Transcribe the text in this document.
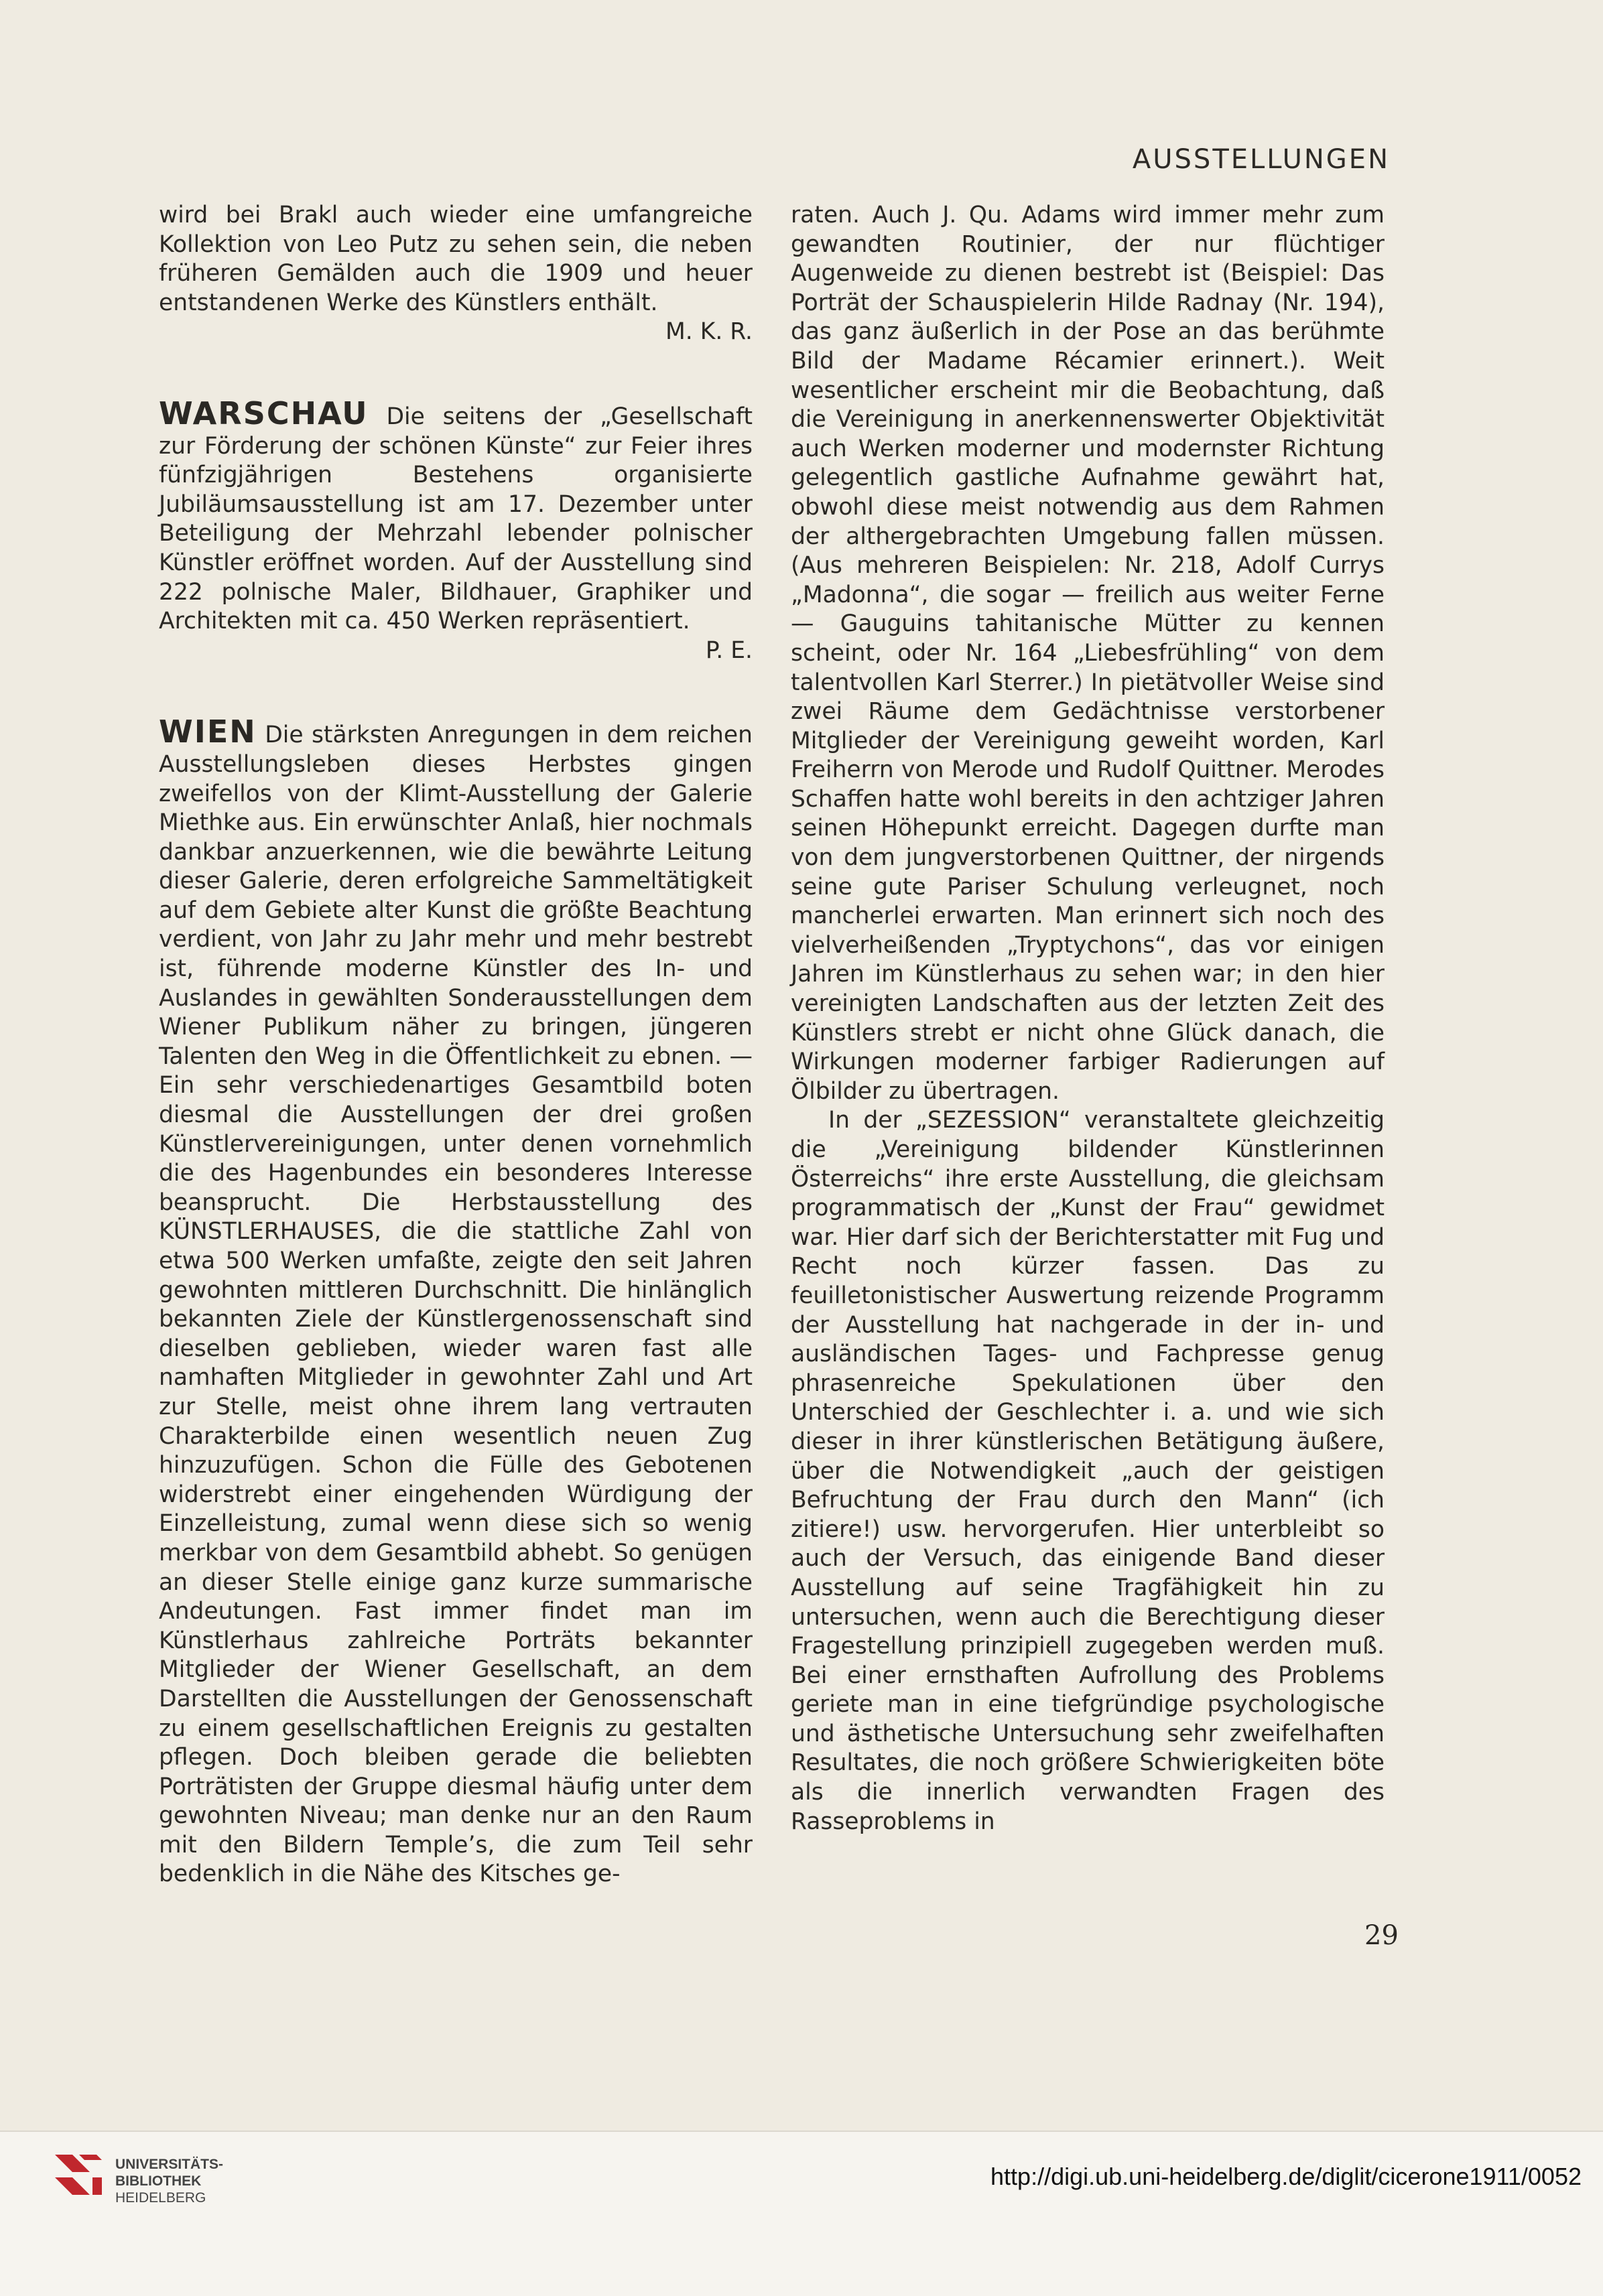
AUSSTELLUNGEN

wird bei Brakl auch wieder eine umfangreiche Kollektion von Leo Putz zu sehen sein, die neben früheren Gemälden auch die 1909 und heuer entstandenen Werke des Künstlers enthält.

M. K. R.

WARSCHAU Die seitens der „Gesellschaft zur Förderung der schönen Künste“ zur Feier ihres fünfzigjährigen Bestehens organisierte Jubiläumsausstellung ist am 17. Dezember unter Beteiligung der Mehrzahl lebender polnischer Künstler eröffnet worden. Auf der Ausstellung sind 222 polnische Maler, Bildhauer, Graphiker und Architekten mit ca. 450 Werken repräsentiert.

P. E.

WIEN Die stärksten Anregungen in dem reichen Ausstellungsleben dieses Herbstes gingen zweifellos von der Klimt-Ausstellung der Galerie Miethke aus. Ein erwünschter Anlaß, hier nochmals dankbar anzuerkennen, wie die bewährte Leitung dieser Galerie, deren erfolgreiche Sammeltätigkeit auf dem Gebiete alter Kunst die größte Beachtung verdient, von Jahr zu Jahr mehr und mehr bestrebt ist, führende moderne Künstler des In- und Auslandes in gewählten Sonderausstellungen dem Wiener Publikum näher zu bringen, jüngeren Talenten den Weg in die Öffentlichkeit zu ebnen. — Ein sehr verschiedenartiges Gesamtbild boten diesmal die Ausstellungen der drei großen Künstlervereinigungen, unter denen vornehmlich die des Hagenbundes ein besonderes Interesse beansprucht. Die Herbstausstellung des KÜNSTLERHAUSES, die die stattliche Zahl von etwa 500 Werken umfaßte, zeigte den seit Jahren gewohnten mittleren Durchschnitt. Die hinlänglich bekannten Ziele der Künstlergenossenschaft sind dieselben geblieben, wieder waren fast alle namhaften Mitglieder in gewohnter Zahl und Art zur Stelle, meist ohne ihrem lang vertrauten Charakterbilde einen wesentlich neuen Zug hinzuzufügen. Schon die Fülle des Gebotenen widerstrebt einer eingehenden Würdigung der Einzelleistung, zumal wenn diese sich so wenig merkbar von dem Gesamtbild abhebt. So genügen an dieser Stelle einige ganz kurze summarische Andeutungen. Fast immer findet man im Künstlerhaus zahlreiche Porträts bekannter Mitglieder der Wiener Gesellschaft, an dem Darstellten die Ausstellungen der Genossenschaft zu einem gesellschaftlichen Ereignis zu gestalten pflegen. Doch bleiben gerade die beliebten Porträtisten der Gruppe diesmal häufig unter dem gewohnten Niveau; man denke nur an den Raum mit den Bildern Temple’s, die zum Teil sehr bedenklich in die Nähe des Kitsches ge-

raten. Auch J. Qu. Adams wird immer mehr zum gewandten Routinier, der nur flüchtiger Augenweide zu dienen bestrebt ist (Beispiel: Das Porträt der Schauspielerin Hilde Radnay (Nr. 194), das ganz äußerlich in der Pose an das berühmte Bild der Madame Récamier erinnert.). Weit wesentlicher erscheint mir die Beobachtung, daß die Vereinigung in anerkennenswerter Objektivität auch Werken moderner und modernster Richtung gelegentlich gastliche Aufnahme gewährt hat, obwohl diese meist notwendig aus dem Rahmen der althergebrachten Umgebung fallen müssen. (Aus mehreren Beispielen: Nr. 218, Adolf Currys „Madonna“, die sogar — freilich aus weiter Ferne — Gauguins tahitanische Mütter zu kennen scheint, oder Nr. 164 „Liebesfrühling“ von dem talentvollen Karl Sterrer.) In pietätvoller Weise sind zwei Räume dem Gedächtnisse verstorbener Mitglieder der Vereinigung geweiht worden, Karl Freiherrn von Merode und Rudolf Quittner. Merodes Schaffen hatte wohl bereits in den achtziger Jahren seinen Höhepunkt erreicht. Dagegen durfte man von dem jungverstorbenen Quittner, der nirgends seine gute Pariser Schulung verleugnet, noch mancherlei erwarten. Man erinnert sich noch des vielverheißenden „Tryptychons“, das vor einigen Jahren im Künstlerhaus zu sehen war; in den hier vereinigten Landschaften aus der letzten Zeit des Künstlers strebt er nicht ohne Glück danach, die Wirkungen moderner farbiger Radierungen auf Ölbilder zu übertragen.

In der „SEZESSION“ veranstaltete gleichzeitig die „Vereinigung bildender Künstlerinnen Österreichs“ ihre erste Ausstellung, die gleichsam programmatisch der „Kunst der Frau“ gewidmet war. Hier darf sich der Berichterstatter mit Fug und Recht noch kürzer fassen. Das zu feuilletonistischer Auswertung reizende Programm der Ausstellung hat nachgerade in der in- und ausländischen Tages- und Fachpresse genug phrasenreiche Spekulationen über den Unterschied der Geschlechter i. a. und wie sich dieser in ihrer künstlerischen Betätigung äußere, über die Notwendigkeit „auch der geistigen Befruchtung der Frau durch den Mann“ (ich zitiere!) usw. hervorgerufen. Hier unterbleibt so auch der Versuch, das einigende Band dieser Ausstellung auf seine Tragfähigkeit hin zu untersuchen, wenn auch die Berechtigung dieser Fragestellung prinzipiell zugegeben werden muß. Bei einer ernsthaften Aufrollung des Problems geriete man in eine tiefgründige psychologische und ästhetische Untersuchung sehr zweifelhaften Resultates, die noch größere Schwierigkeiten böte als die innerlich verwandten Fragen des Rasseproblems in

29
UNIVERSITÄTS-
BIBLIOTHEK
HEIDELBERG
http://digi.ub.uni-heidelberg.de/diglit/cicerone1911/0052
